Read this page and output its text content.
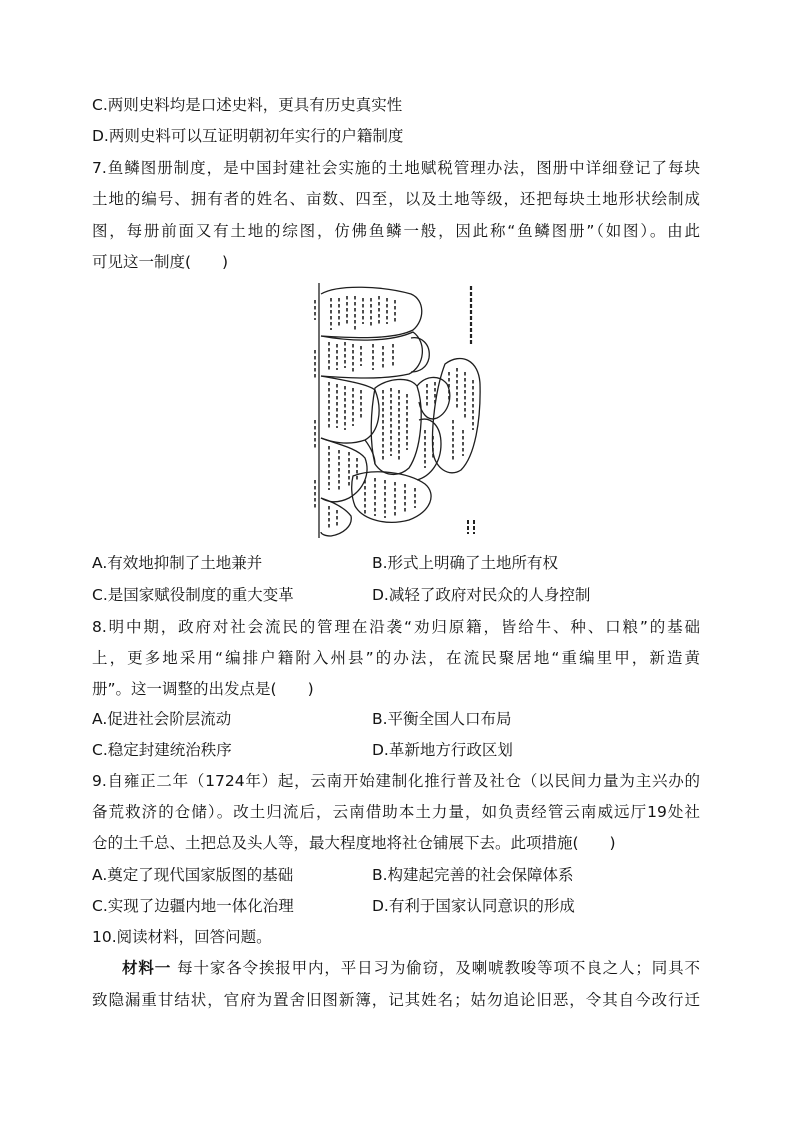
C.两则史料均是口述史料，更具有历史真实性
D.两则史料可以互证明朝初年实行的户籍制度
7.鱼鳞图册制度，是中国封建社会实施的土地赋税管理办法，图册中详细登记了每块
土地的编号、拥有者的姓名、亩数、四至，以及土地等级，还把每块土地形状绘制成
图，每册前面又有土地的综图，仿佛鱼鳞一般，因此称“鱼鳞图册”（如图）。由此
可见这一制度(　　)
A.有效地抑制了土地兼并	B.形式上明确了土地所有权
C.是国家赋役制度的重大变革	D.减轻了政府对民众的人身控制
8.明中期，政府对社会流民的管理在沿袭“劝归原籍，皆给牛、种、口粮”的基础
上，更多地采用“编排户籍附入州县”的办法，在流民聚居地“重编里甲，新造黄
册”。这一调整的出发点是(　　)
A.促进社会阶层流动	B.平衡全国人口布局
C.稳定封建统治秩序	D.革新地方行政区划
9.自雍正二年（1724年）起，云南开始建制化推行普及社仓（以民间力量为主兴办的
备荒救济的仓储）。改土归流后，云南借助本土力量，如负责经管云南威远厅19处社
仓的土千总、土把总及头人等，最大程度地将社仓铺展下去。此项措施(　　)
A.奠定了现代国家版图的基础	B.构建起完善的社会保障体系
C.实现了边疆内地一体化治理	D.有利于国家认同意识的形成
10.阅读材料，回答问题。
材料一 每十家各令挨报甲内，平日习为偷窃，及喇唬教唆等项不良之人；同具不
致隐漏重甘结状，官府为置舍旧图新簿，记其姓名；姑勿追论旧恶，令其自今改行迁
